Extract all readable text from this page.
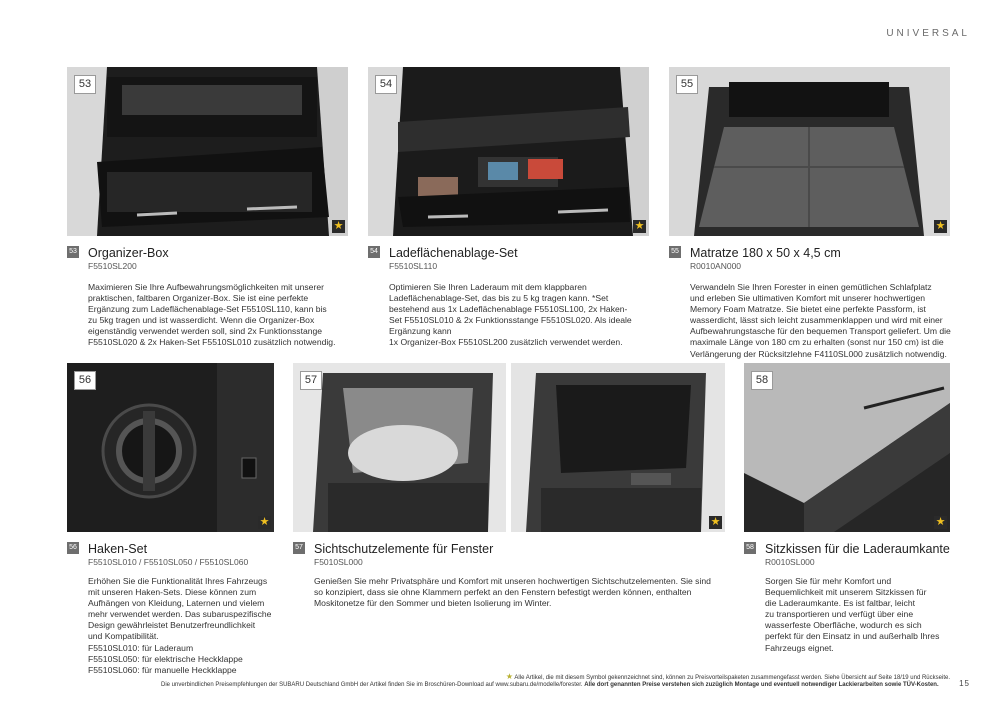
UNIVERSAL
53
★
54
★
55
★
53 Organizer-Box
F5510SL200
Maximieren Sie Ihre Aufbewahrungsmöglichkeiten mit unserer
praktischen, faltbaren Organizer-Box. Sie ist eine perfekte
Ergänzung zum Ladeflächenablage-Set F5510SL110, kann bis
zu 5kg tragen und ist wasserdicht. Wenn die Organizer-Box
eigenständig verwendet werden soll, sind 2x Funktionsstange
F5510SL020 & 2x Haken-Set F5510SL010 zusätzlich notwendig.
54 Ladeflächenablage-Set
F5510SL110
Optimieren Sie Ihren Laderaum mit dem klappbaren
Ladeflächenablage-Set, das bis zu 5 kg tragen kann. *Set
bestehend aus 1x Ladeflächenablage F5510SL100, 2x Haken-
Set F5510SL010 & 2x Funktionsstange F5510SL020. Als ideale
Ergänzung kann
1x Organizer-Box F5510SL200 zusätzlich verwendet werden.
55 Matratze 180 x 50 x 4,5 cm
R0010AN000
Verwandeln Sie Ihren Forester in einen gemütlichen Schlafplatz
und erleben Sie ultimativen Komfort mit unserer hochwertigen
Memory Foam Matratze. Sie bietet eine perfekte Passform, ist
wasserdicht, lässt sich leicht zusammenklappen und wird mit einer
Aufbewahrungstasche für den bequemen Transport geliefert. Um die
maximale Länge von 180 cm zu erhalten (sonst nur 150 cm) ist die
Verlängerung der Rücksitzlehne F4110SL000 zusätzlich notwendig.
56
★
57
★
58
★
56 Haken-Set
F5510SL010 / F5510SL050 / F5510SL060
Erhöhen Sie die Funktionalität Ihres Fahrzeugs
mit unseren Haken-Sets. Diese können zum
Aufhängen von Kleidung, Laternen und vielem
mehr verwendet werden. Das subaruspezifische
Design gewährleistet Benutzerfreundlichkeit
und Kompatibilität.
F5510SL010: für Laderaum
F5510SL050: für elektrische Heckklappe
F5510SL060: für manuelle Heckklappe
57 Sichtschutzelemente für Fenster
F5010SL000
Genießen Sie mehr Privatsphäre und Komfort mit unseren hochwertigen Sichtschutzelementen. Sie sind
so konzipiert, dass sie ohne Klammern perfekt an den Fenstern befestigt werden können, enthalten
Moskitonetze für den Sommer und bieten Isolierung im Winter.
58 Sitzkissen für die Laderaumkante
R0010SL000
Sorgen Sie für mehr Komfort und
Bequemlichkeit mit unserem Sitzkissen für
die Laderaumkante. Es ist faltbar, leicht
zu transportieren und verfügt über eine
wasserfeste Oberfläche, wodurch es sich
perfekt für den Einsatz in und außerhalb Ihres
Fahrzeugs eignet.
★ Alle Artikel, die mit diesem Symbol gekennzeichnet sind, können zu Preisvorteilspaketen zusammengefasst werden. Siehe Übersicht auf Seite 18/19 und Rückseite.
Die unverbindlichen Preisempfehlungen der SUBARU Deutschland GmbH der Artikel finden Sie im Broschüren-Download auf www.subaru.de/modelle/forester. Alle dort genannten Preise verstehen sich zuzüglich Montage und eventuell notwendiger Lackierarbeiten sowie TÜV-Kosten.	15
